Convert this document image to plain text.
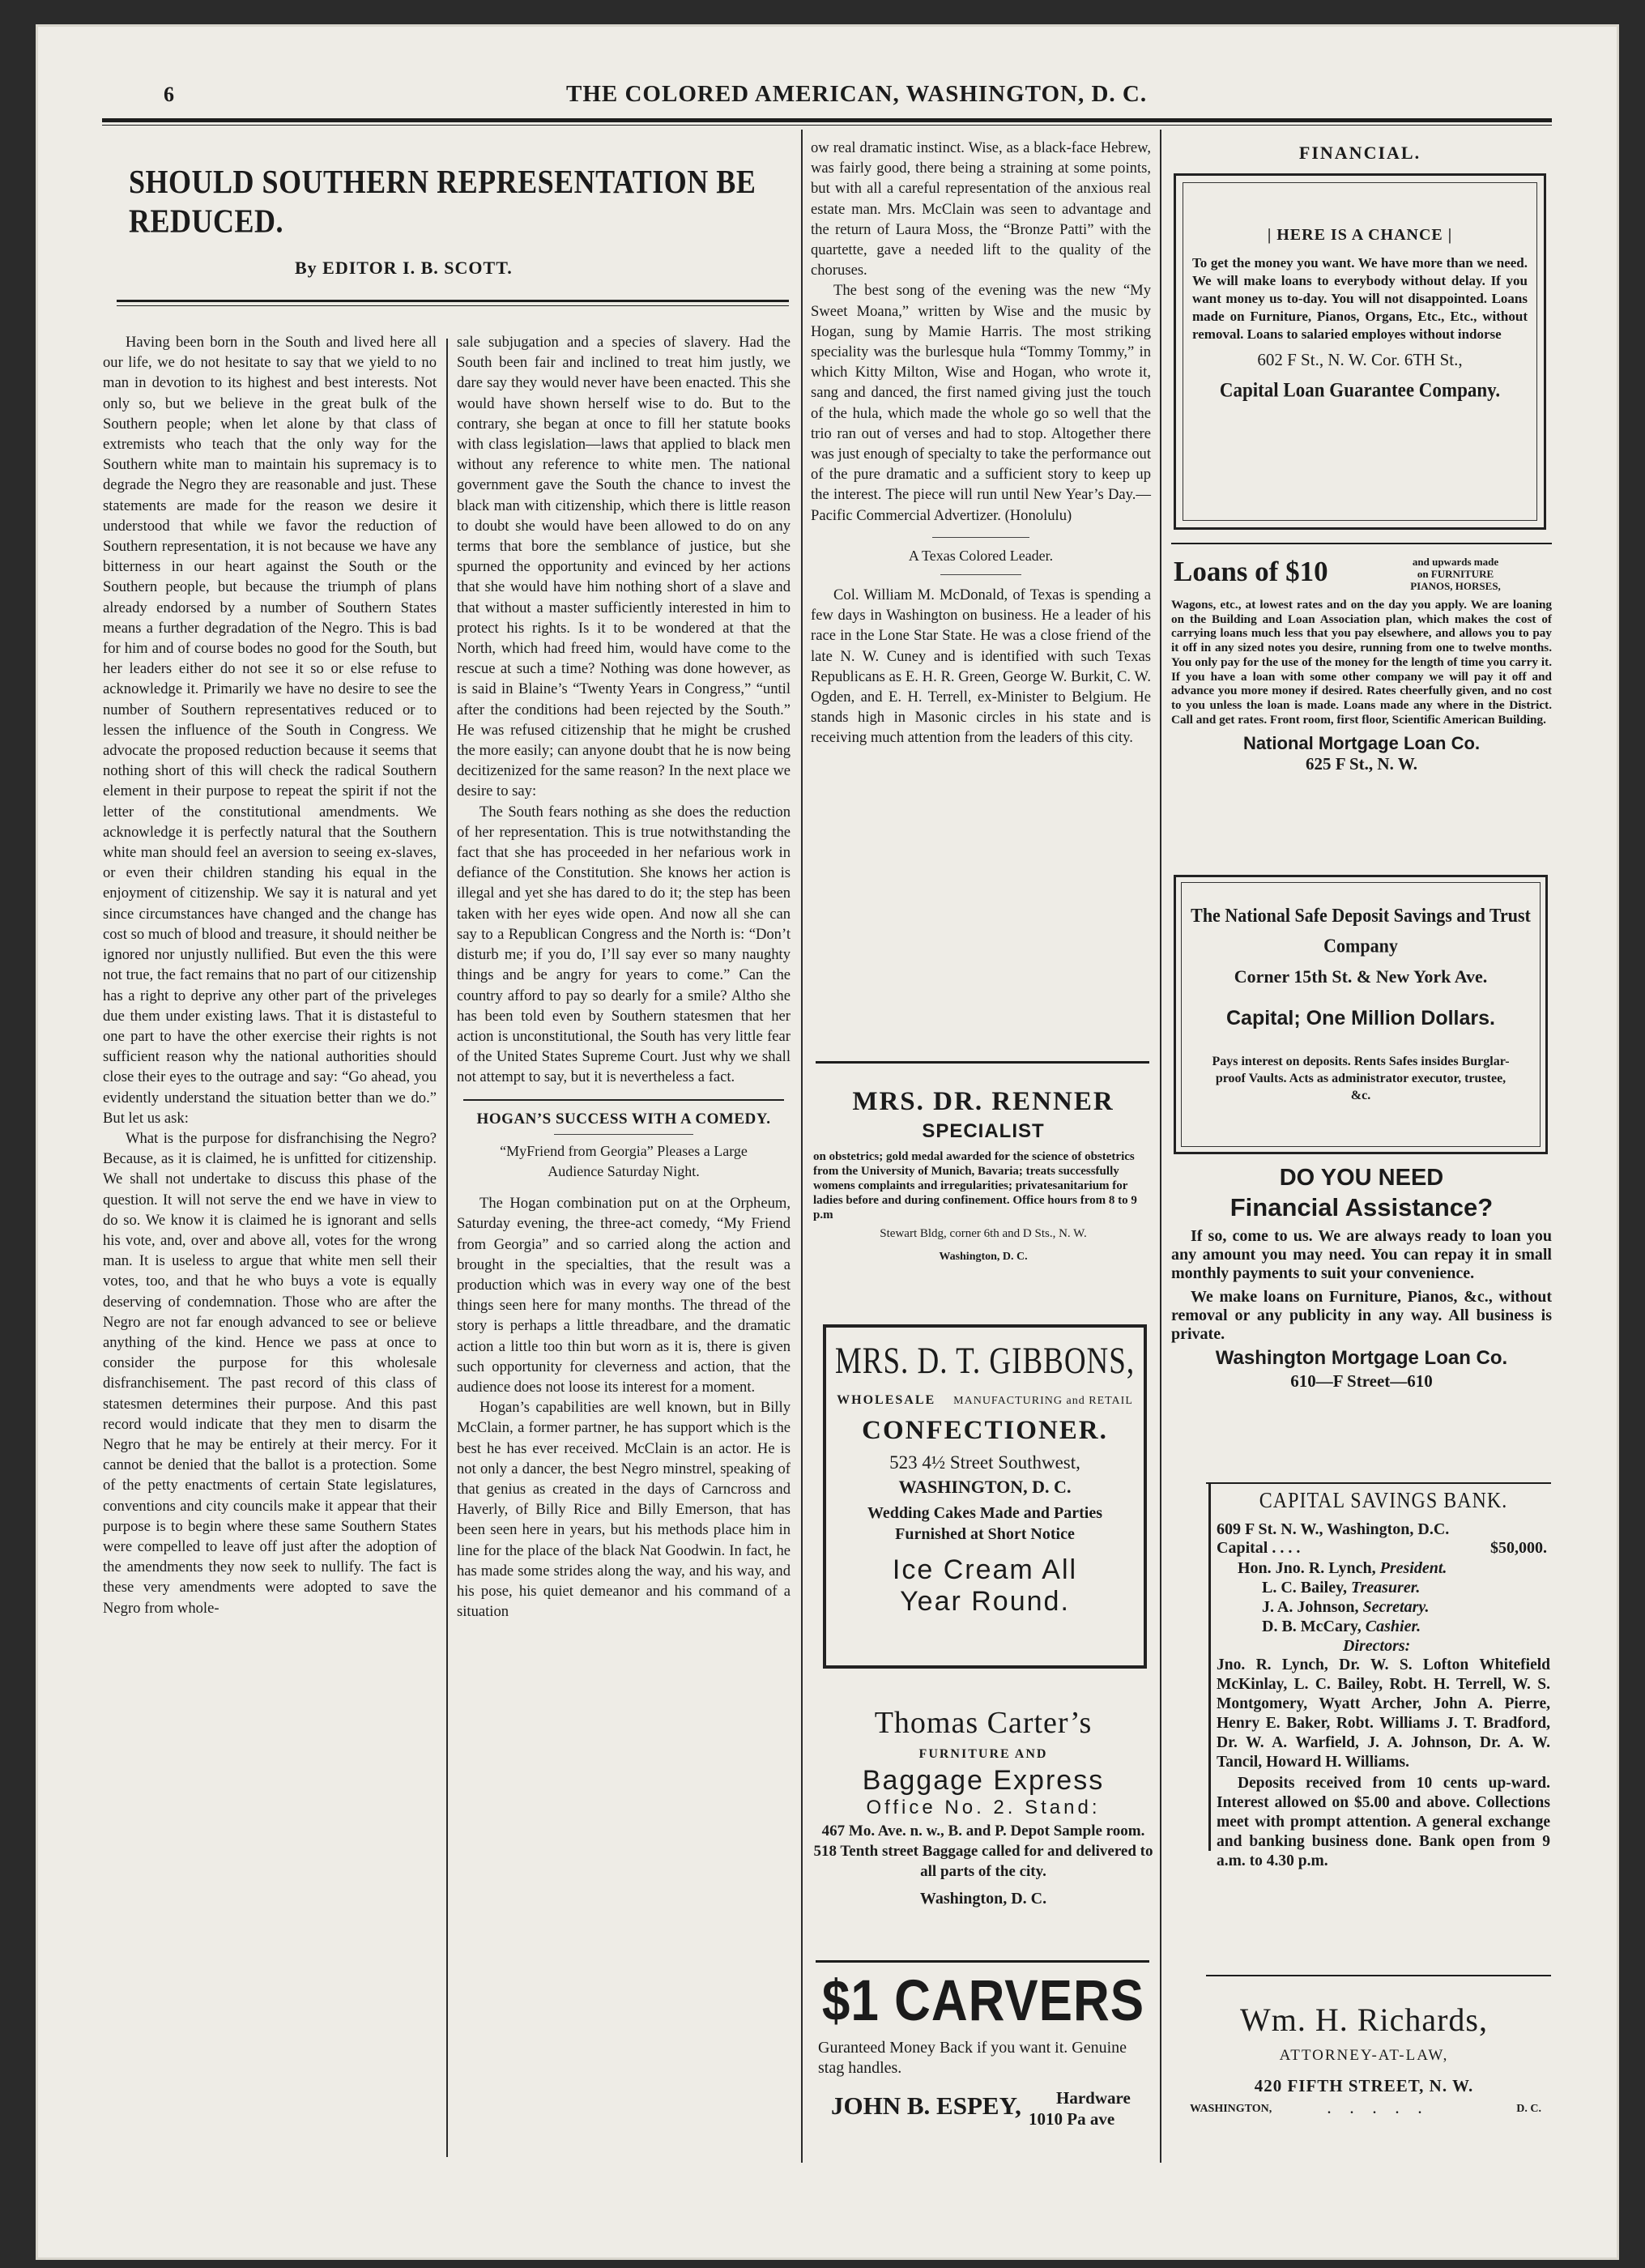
6	THE COLORED AMERICAN, WASHINGTON, D. C.
SHOULD SOUTHERN REPRESENTATION BE REDUCED.
By EDITOR I. B. SCOTT.

Having been born in the South and lived here all our life, we do not hesitate to say that we yield to no man in devotion to its highest and best interests. Not only so, but we believe in the great bulk of the Southern people; when let alone by that class of extremists who teach that the only way for the Southern white man to maintain his supremacy is to degrade the Negro they are reasonable and just. These statements are made for the reason we desire it understood that while we favor the reduction of Southern representation, it is not because we have any bitterness in our heart against the South or the Southern people, but because the triumph of plans already endorsed by a number of Southern States means a further degradation of the Negro. This is bad for him and of course bodes no good for the South, but her leaders either do not see it so or else refuse to acknowledge it. Primarily we have no desire to see the number of Southern representatives reduced or to lessen the influence of the South in Congress. We advocate the proposed reduction because it seems that nothing short of this will check the radical Southern element in their purpose to repeat the spirit if not the letter of the constitutional amendments. We acknowledge it is perfectly natural that the Southern white man should feel an aversion to seeing ex-slaves, or even their children standing his equal in the enjoyment of citizenship. We say it is natural and yet since circumstances have changed and the change has cost so much of blood and treasure, it should neither be ignored nor unjustly nullified. But even the this were not true, the fact remains that no part of our citizenship has a right to deprive any other part of the priveleges due them under existing laws. That it is distasteful to one part to have the other exercise their rights is not sufficient reason why the national authorities should close their eyes to the outrage and say: “Go ahead, you evidently understand the situation better than we do.” But let us ask:

What is the purpose for disfranchising the Negro? Because, as it is claimed, he is unfitted for citizenship. We shall not undertake to discuss this phase of the question. It will not serve the end we have in view to do so. We know it is claimed he is ignorant and sells his vote, and, over and above all, votes for the wrong man. It is useless to argue that white men sell their votes, too, and that he who buys a vote is equally deserving of condemnation. Those who are after the Negro are not far enough advanced to see or believe anything of the kind. Hence we pass at once to consider the purpose for this wholesale disfranchisement. The past record of this class of statesmen determines their purpose. And this past record would indicate that they men to disarm the Negro that he may be entirely at their mercy. For it cannot be denied that the ballot is a protection. Some of the petty enactments of certain State legislatures, conventions and city councils make it appear that their purpose is to begin where these same Southern States were compelled to leave off just after the adoption of the amendments they now seek to nullify. The fact is these very amendments were adopted to save the Negro from whole-

sale subjugation and a species of slavery. Had the South been fair and inclined to treat him justly, we dare say they would never have been enacted. This she would have shown herself wise to do. But to the contrary, she began at once to fill her statute books with class legislation—laws that applied to black men without any reference to white men. The national government gave the South the chance to invest the black man with citizenship, which there is little reason to doubt she would have been allowed to do on any terms that bore the semblance of justice, but she spurned the opportunity and evinced by her actions that she would have him nothing short of a slave and that without a master sufficiently interested in him to protect his rights. Is it to be wondered at that the North, which had freed him, would have come to the rescue at such a time? Nothing was done however, as is said in Blaine’s “Twenty Years in Congress,” “until after the conditions had been rejected by the South.” He was refused citizenship that he might be crushed the more easily; can anyone doubt that he is now being decitizenized for the same reason? In the next place we desire to say:

The South fears nothing as she does the reduction of her representation. This is true notwithstanding the fact that she has proceeded in her nefarious work in defiance of the Constitution. She knows her action is illegal and yet she has dared to do it; the step has been taken with her eyes wide open. And now all she can say to a Republican Congress and the North is: “Don’t disturb me; if you do, I’ll say ever so many naughty things and be angry for years to come.” Can the country afford to pay so dearly for a smile? Altho she has been told even by Southern statesmen that her action is unconstitutional, the South has very little fear of the United States Supreme Court. Just why we shall not attempt to say, but it is nevertheless a fact.

HOGAN’S SUCCESS WITH A COMEDY.
“MyFriend from Georgia” Pleases a Large Audience Saturday Night.

The Hogan combination put on at the Orpheum, Saturday evening, the three-act comedy, “My Friend from Georgia” and so carried along the action and brought in the specialties, that the result was a production which was in every way one of the best things seen here for many months. The thread of the story is perhaps a little threadbare, and the dramatic action a little too thin but worn as it is, there is given such opportunity for cleverness and action, that the audience does not loose its interest for a moment.

Hogan’s capabilities are well known, but in Billy McClain, a former partner, he has support which is the best he has ever received. McClain is an actor. He is not only a dancer, the best Negro minstrel, speaking of that genius as created in the days of Carncross and Haverly, of Billy Rice and Billy Emerson, that has been seen here in years, but his methods place him in line for the place of the black Nat Goodwin. In fact, he has made some strides along the way, and his way, and his pose, his quiet demeanor and his command of a situation

ow real dramatic instinct. Wise, as a black-face Hebrew, was fairly good, there being a straining at some points, but with all a careful representation of the anxious real estate man. Mrs. McClain was seen to advantage and the return of Laura Moss, the “Bronze Patti” with the quartette, gave a needed lift to the quality of the choruses.

The best song of the evening was the new “My Sweet Moana,” written by Wise and the music by Hogan, sung by Mamie Harris. The most striking speciality was the burlesque hula “Tommy Tommy,” in which Kitty Milton, Wise and Hogan, who wrote it, sang and danced, the first named giving just the touch of the hula, which made the whole go so well that the trio ran out of verses and had to stop. Altogether there was just enough of specialty to take the performance out of the pure dramatic and a sufficient story to keep up the interest. The piece will run until New Year’s Day.—Pacific Commercial Advertizer. (Honolulu)

A Texas Colored Leader.

Col. William M. McDonald, of Texas is spending a few days in Washington on business. He a leader of his race in the Lone Star State. He was a close friend of the late N. W. Cuney and is identified with such Texas Republicans as E. H. R. Green, George W. Burkit, C. W. Ogden, and E. H. Terrell, ex-Minister to Belgium. He stands high in Masonic circles in his state and is receiving much attention from the leaders of this city.

MRS. DR. RENNER
SPECIALIST
on obstetrics; gold medal awarded for the science of obstetrics from the University of Munich, Bavaria; treats successfully womens complaints and irregularities; privatesanitarium for ladies before and during confinement. Office hours from 8 to 9 p.m
Stewart Bldg, corner 6th and D Sts., N. W.
Washington, D. C.
MRS. D. T. GIBBONS,
WHOLESALE MANUFACTURING and RETAIL
CONFECTIONER.
523 4½ Street Southwest,
WASHINGTON, D. C.
Wedding Cakes Made and Parties Furnished at Short Notice
Ice Cream All
Year Round.
Thomas Carter’s
FURNITURE AND
Baggage Express
Office No. 2. Stand:
467 Mo. Ave. n. w., B. and P. Depot Sample room. 518 Tenth street Baggage called for and delivered to all parts of the city.
Washington, D. C.
$1 CARVERS
Guranteed Money Back if you want it. Genuine stag handles.
JOHN B. ESPEY, Hardware
1010 Pa ave
FINANCIAL.
| HERE IS A CHANCE |
To get the money you want. We have more than we need. We will make loans to everybody without delay. If you want money us to-day. You will not disappointed. Loans made on Furniture, Pianos, Organs, Etc., Etc., without removal. Loans to salaried employes without indorse
602 F St., N. W. Cor. 6TH St.,
Capital Loan Guarantee Company.
Loans of $10	and upwards made
on FURNITURE
PIANOS, HORSES,
Wagons, etc., at lowest rates and on the day you apply. We are loaning on the Building and Loan Association plan, which makes the cost of carrying loans much less that you pay elsewhere, and allows you to pay it off in any sized notes you desire, running from one to twelve months. You only pay for the use of the money for the length of time you carry it. If you have a loan with some other company we will pay it off and advance you more money if desired. Rates cheerfully given, and no cost to you unless the loan is made. Loans made any where in the District. Call and get rates. Front room, first floor, Scientific American Building.
National Mortgage Loan Co.
625 F St., N. W.
The National Safe Deposit Savings and Trust Company
Corner 15th St. & New York Ave.
Capital; One Million Dollars.
Pays interest on deposits. Rents Safes insides Burglar-proof Vaults. Acts as administrator executor, trustee, &c.
DO YOU NEED
Financial Assistance?
If so, come to us. We are always ready to loan you any amount you may need. You can repay it in small monthly payments to suit your convenience.
We make loans on Furniture, Pianos, &c., without removal or any publicity in any way. All business is private.
Washington Mortgage Loan Co.
610—F Street—610
CAPITAL SAVINGS BANK.
609 F St. N. W., Washington, D.C.
Capital . . . .	$50,000.
Hon. Jno. R. Lynch, President.
L. C. Bailey, Treasurer.
J. A. Johnson, Secretary.
D. B. McCary, Cashier.
Directors:
Jno. R. Lynch, Dr. W. S. Lofton Whitefield McKinlay, L. C. Bailey, Robt. H. Terrell, W. S. Montgomery, Wyatt Archer, John A. Pierre, Henry E. Baker, Robt. Williams J. T. Bradford, Dr. W. A. Warfield, J. A. Johnson, Dr. A. W. Tancil, Howard H. Williams.
Deposits received from 10 cents up-ward. Interest allowed on $5.00 and above. Collections meet with prompt attention. A general exchange and banking business done. Bank open from 9 a.m. to 4.30 p.m.
Wm. H. Richards,
ATTORNEY-AT-LAW,
420 FIFTH STREET, N. W.
WASHINGTON,	. . . . .	D. C.
